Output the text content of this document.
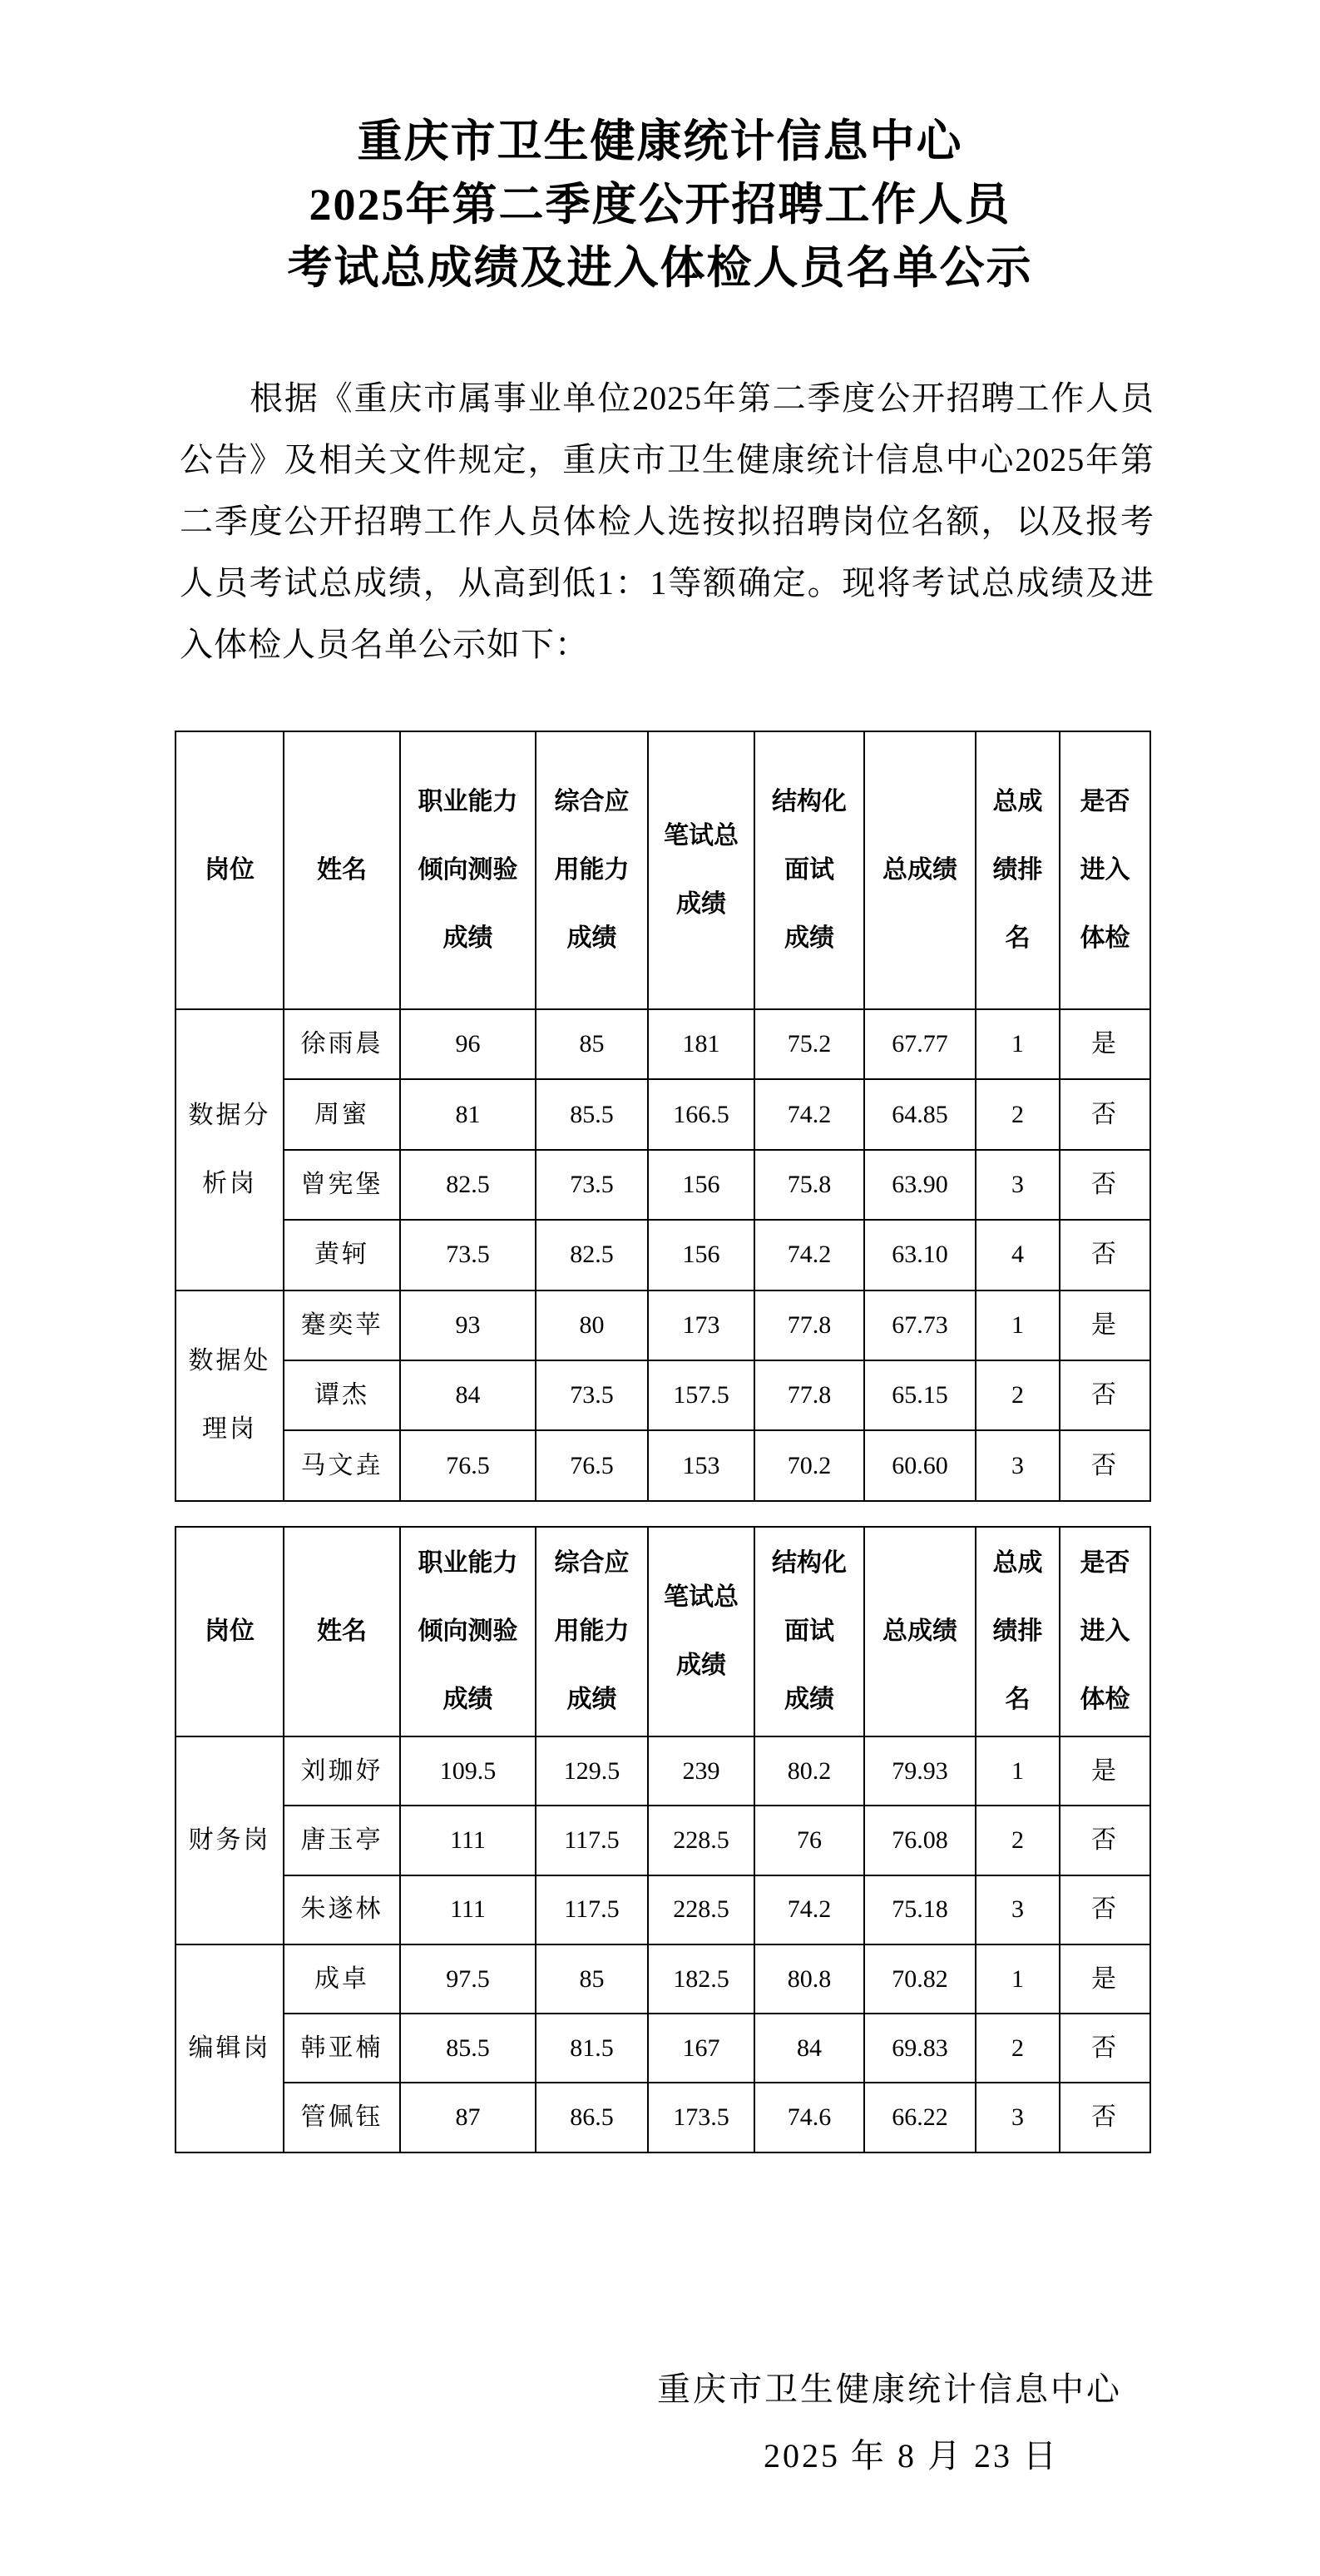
重庆市卫生健康统计信息中心
2025年第二季度公开招聘工作人员
考试总成绩及进入体检人员名单公示

根据《重庆市属事业单位2025年第二季度公开招聘工作人员公告》及相关文件规定，重庆市卫生健康统计信息中心2025年第二季度公开招聘工作人员体检人选按拟招聘岗位名额，以及报考人员考试总成绩，从高到低1：1等额确定。现将考试总成绩及进入体检人员名单公示如下：

岗位	姓名	职业能力
倾向测验
成绩	综合应
用能力
成绩	笔试总
成绩	结构化
面试
成绩	总成绩	总成
绩排
名	是否
进入
体检

数据分
析岗	徐雨晨	96	85	181	75.2	67.77	1	是
	周蜜	81	85.5	166.5	74.2	64.85	2	否
	曾宪堡	82.5	73.5	156	75.8	63.90	3	否
	黄轲	73.5	82.5	156	74.2	63.10	4	否

数据处
理岗	蹇奕苹	93	80	173	77.8	67.73	1	是
	谭杰	84	73.5	157.5	77.8	65.15	2	否
	马文垚	76.5	76.5	153	70.2	60.60	3	否
岗位	姓名	职业能力
倾向测验
成绩	综合应
用能力
成绩	笔试总
成绩	结构化
面试
成绩	总成绩	总成
绩排
名	是否
进入
体检

财务岗	刘珈妤	109.5	129.5	239	80.2	79.93	1	是
	唐玉亭	111	117.5	228.5	76	76.08	2	否
	朱遂林	111	117.5	228.5	74.2	75.18	3	否

编辑岗	成卓	97.5	85	182.5	80.8	70.82	1	是
	韩亚楠	85.5	81.5	167	84	69.83	2	否
	管佩钰	87	86.5	173.5	74.6	66.22	3	否
重庆市卫生健康统计信息中心
2025 年 8 月 23 日
